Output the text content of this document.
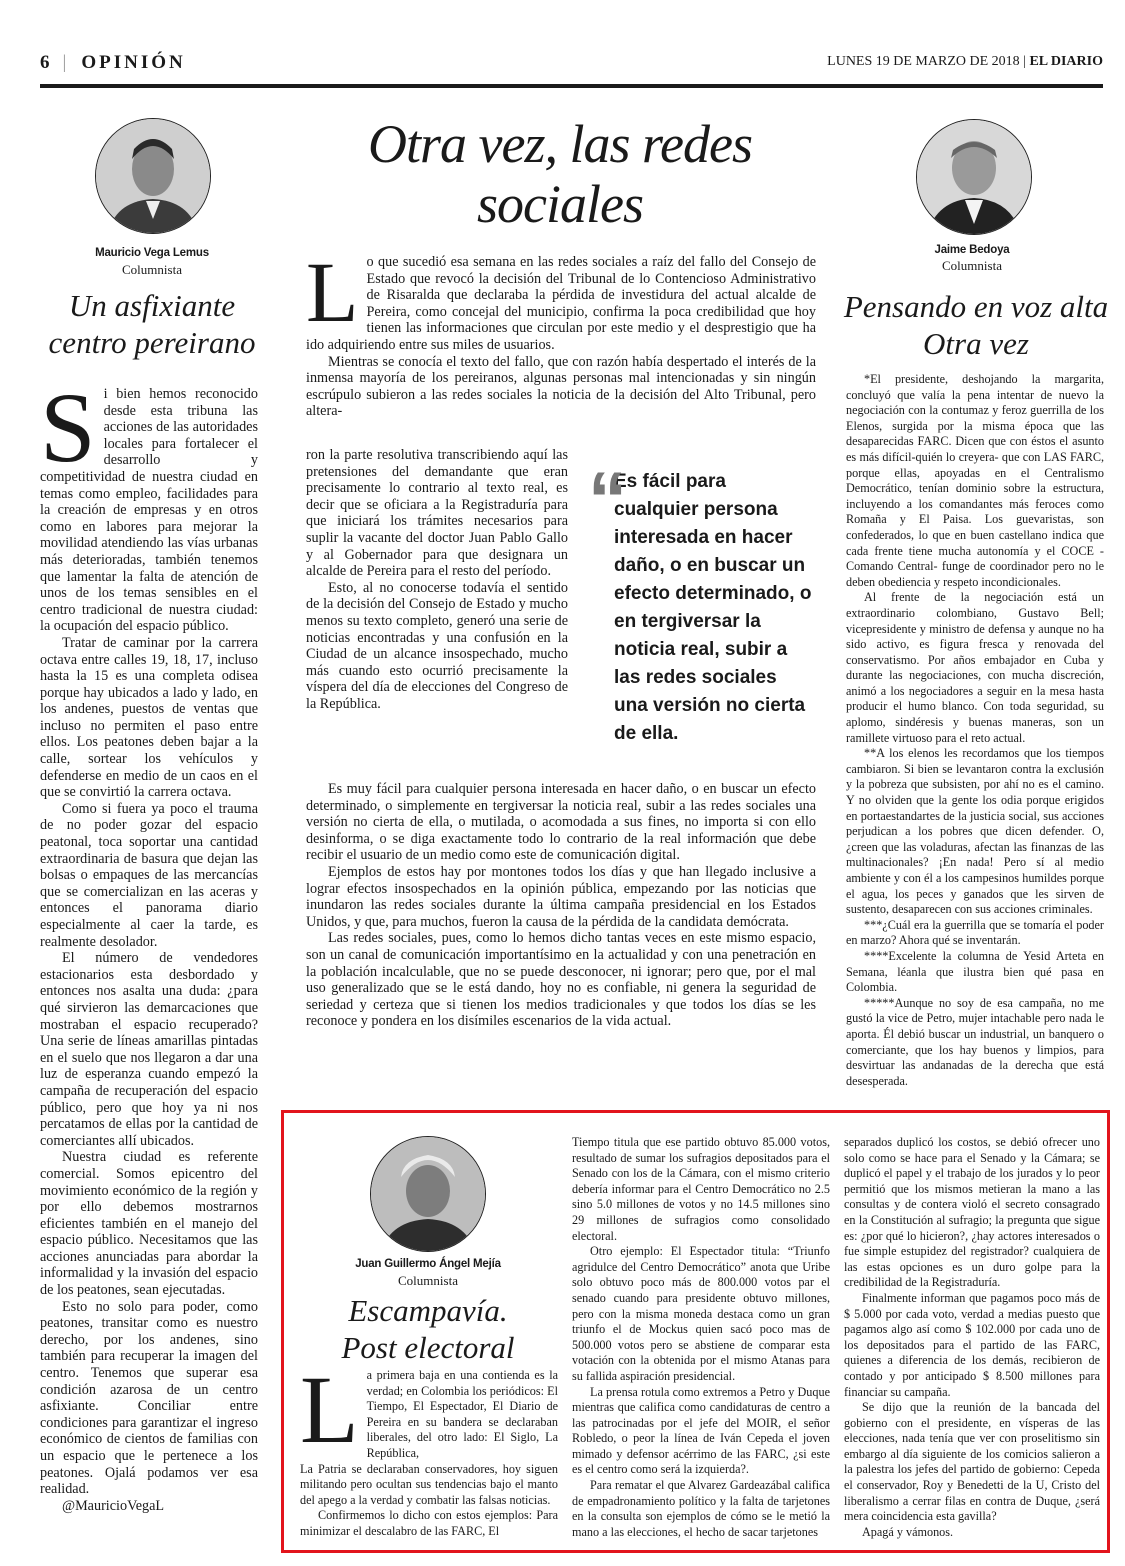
6 | OPINIÓN	LUNES 19 DE MARZO DE 2018 | EL DIARIO
Mauricio Vega Lemus
Columnista
Un asfixiante
centro pereirano

Si bien hemos reconocido desde esta tribuna las acciones de las autoridades locales para fortalecer el desarrollo y competitividad de nuestra ciudad en temas como empleo, facilidades para la creación de empresas y en otros como en labores para mejorar la movilidad atendiendo las vías urbanas más deterioradas, también tenemos que lamentar la falta de atención de unos de los temas sensibles en el centro tradicional de nuestra ciudad: la ocupación del espacio público.

Tratar de caminar por la carrera octava entre calles 19, 18, 17, incluso hasta la 15 es una completa odisea porque hay ubicados a lado y lado, en los andenes, puestos de ventas que incluso no permiten el paso entre ellos. Los peatones deben bajar a la calle, sortear los vehículos y defenderse en medio de un caos en el que se convirtió la carrera octava.

Como si fuera ya poco el trauma de no poder gozar del espacio peatonal, toca soportar una cantidad extraordinaria de basura que dejan las bolsas o empaques de las mercancías que se comercializan en las aceras y entonces el panorama diario especialmente al caer la tarde, es realmente desolador.

El número de vendedores estacionarios esta desbordado y entonces nos asalta una duda: ¿para qué sirvieron las demarcaciones que mostraban el espacio recuperado? Una serie de líneas amarillas pintadas en el suelo que nos llegaron a dar una luz de esperanza cuando empezó la campaña de recuperación del espacio público, pero que hoy ya ni nos percatamos de ellas por la cantidad de comerciantes allí ubicados.

Nuestra ciudad es referente comercial. Somos epicentro del movimiento económico de la región y por ello debemos mostrarnos eficientes también en el manejo del espacio público. Necesitamos que las acciones anunciadas para abordar la informalidad y la invasión del espacio de los peatones, sean ejecutadas.

Esto no solo para poder, como peatones, transitar como es nuestro derecho, por los andenes, sino también para recuperar la imagen del centro. Tenemos que superar esa condición azarosa de un centro asfixiante. Conciliar entre condiciones para garantizar el ingreso económico de cientos de familias con un espacio que le pertenece a los peatones. Ojalá podamos ver esa realidad.

@MauricioVegaL

Otra vez, las redes
sociales

Lo que sucedió esa semana en las redes sociales a raíz del fallo del Consejo de Estado que revocó la decisión del Tribunal de lo Contencioso Administrativo de Risaralda que declaraba la pérdida de investidura del actual alcalde de Pereira, como concejal del municipio, confirma la poca credibilidad que hoy tienen las informaciones que circulan por este medio y el desprestigio que ha ido adquiriendo entre sus miles de usuarios.

Mientras se conocía el texto del fallo, que con razón había despertado el interés de la inmensa mayoría de los pereiranos, algunas personas mal intencionadas y sin ningún escrúpulo subieron a las redes sociales la noticia de la decisión del Alto Tribunal, pero altera-

ron la parte resolutiva transcribiendo aquí las pretensiones del demandante que eran precisamente lo contrario al texto real, es decir que se oficiara a la Registraduría para que iniciará los trámites necesarios para suplir la vacante del doctor Juan Pablo Gallo y al Gobernador para que designara un alcalde de Pereira para el resto del período.

Esto, al no conocerse todavía el sentido de la decisión del Consejo de Estado y mucho menos su texto completo, generó una serie de noticias encontradas y una confusión en la Ciudad de un alcance insospechado, mucho más cuando esto ocurrió precisamente la víspera del día de elecciones del Congreso de la República.

“
Es fácil para cualquier persona interesada en hacer daño, o en buscar un efecto determinado, o en tergiversar la noticia real, subir a las redes sociales una versión no cierta de ella.

Es muy fácil para cualquier persona interesada en hacer daño, o en buscar un efecto determinado, o simplemente en tergiversar la noticia real, subir a las redes sociales una versión no cierta de ella, o mutilada, o acomodada a sus fines, no importa si con ello desinforma, o se diga exactamente todo lo contrario de la real información que debe recibir el usuario de un medio como este de comunicación digital.

Ejemplos de estos hay por montones todos los días y que han llegado inclusive a lograr efectos insospechados en la opinión pública, empezando por las noticias que inundaron las redes sociales durante la última campaña presidencial en los Estados Unidos, y que, para muchos, fueron la causa de la pérdida de la candidata demócrata.

Las redes sociales, pues, como lo hemos dicho tantas veces en este mismo espacio, son un canal de comunicación importantísimo en la actualidad y con una penetración en la población incalculable, que no se puede desconocer, ni ignorar; pero que, por el mal uso generalizado que se le está dando, hoy no es confiable, ni genera la seguridad de seriedad y certeza que si tienen los medios tradicionales y que todos los días se les reconoce y pondera en los disímiles escenarios de la vida actual.

Jaime Bedoya
Columnista
Pensando en voz alta
Otra vez

*El presidente, deshojando la margarita, concluyó que valía la pena intentar de nuevo la negociación con la contumaz y feroz guerrilla de los Elenos, surgida por la misma época que las desaparecidas FARC. Dicen que con éstos el asunto es más difícil-quién lo creyera- que con LAS FARC, porque ellas, apoyadas en el Centralismo Democrático, tenían dominio sobre la estructura, incluyendo a los comandantes más feroces como Romaña y El Paisa. Los guevaristas, son confederados, lo que en buen castellano indica que cada frente tiene mucha autonomía y el COCE -Comando Central- funge de coordinador pero no le deben obediencia y respeto incondicionales.

Al frente de la negociación está un extraordinario colombiano, Gustavo Bell; vicepresidente y ministro de defensa y aunque no ha sido activo, es figura fresca y renovada del conservatismo. Por años embajador en Cuba y durante las negociaciones, con mucha discreción, animó a los negociadores a seguir en la mesa hasta producir el humo blanco. Con toda seguridad, su aplomo, sindéresis y buenas maneras, son un ramillete virtuoso para el reto actual.

**A los elenos les recordamos que los tiempos cambiaron. Si bien se levantaron contra la exclusión y la pobreza que subsisten, por ahí no es el camino. Y no olviden que la gente los odia porque erigidos en portaestandartes de la justicia social, sus acciones perjudican a los pobres que dicen defender. O, ¿creen que las voladuras, afectan las finanzas de las multinacionales? ¡En nada! Pero sí al medio ambiente y con él a los campesinos humildes porque el agua, los peces y ganados que les sirven de sustento, desaparecen con sus acciones criminales.

***¿Cuál era la guerrilla que se tomaría el poder en marzo? Ahora qué se inventarán.

****Excelente la columna de Yesid Arteta en Semana, léanla que ilustra bien qué pasa en Colombia.

*****Aunque no soy de esa campaña, no me gustó la vice de Petro, mujer intachable pero nada le aporta. Él debió buscar un industrial, un banquero o comerciante, que los hay buenos y limpios, para desvirtuar las andanadas de la derecha que está desesperada.

Juan Guillermo Ángel Mejía
Columnista
Escampavía.
Post electoral

La primera baja en una contienda es la verdad; en Colombia los periódicos: El Tiempo, El Espectador, El Diario de Pereira en su bandera se declaraban liberales, del otro lado: El Siglo, La República,

La Patria se declaraban conservadores, hoy siguen militando pero ocultan sus tendencias bajo el manto del apego a la verdad y combatir las falsas noticias.

Confirmemos lo dicho con estos ejemplos: Para minimizar el descalabro de las FARC, El

Tiempo titula que ese partido obtuvo 85.000 votos, resultado de sumar los sufragios depositados para el Senado con los de la Cámara, con el mismo criterio debería informar para el Centro Democrático no 2.5 sino 5.0 millones de votos y no 14.5 millones sino 29 millones de sufragios como consolidado electoral.

Otro ejemplo: El Espectador titula: “Triunfo agridulce del Centro Democrático” anota que Uribe solo obtuvo poco más de 800.000 votos par el senado cuando para presidente obtuvo millones, pero con la misma moneda destaca como un gran triunfo el de Mockus quien sacó poco mas de 500.000 votos pero se abstiene de comparar esta votación con la obtenida por el mismo Atanas para su fallida aspiración presidencial.

La prensa rotula como extremos a Petro y Duque mientras que califica como candidaturas de centro a las patrocinadas por el jefe del MOIR, el señor Robledo, o peor la línea de Iván Cepeda el joven mimado y defensor acérrimo de las FARC, ¿si este es el centro como será la izquierda?.

Para rematar el que Alvarez Gardeazábal califica de empadronamiento político y la falta de tarjetones en la consulta son ejemplos de cómo se le metió la mano a las elecciones, el hecho de sacar tarjetones

separados duplicó los costos, se debió ofrecer uno solo como se hace para el Senado y la Cámara; se duplicó el papel y el trabajo de los jurados y lo peor permitió que los mismos metieran la mano a las consultas y de contera violó el secreto consagrado en la Constitución al sufragio; la pregunta que sigue es: ¿por qué lo hicieron?, ¿hay actores interesados o fue simple estupidez del registrador? cualquiera de las estas opciones es un duro golpe para la credibilidad de la Registraduría.

Finalmente informan que pagamos poco más de $ 5.000 por cada voto, verdad a medias puesto que pagamos algo así como $ 102.000 por cada uno de los depositados para el partido de las FARC, quienes a diferencia de los demás, recibieron de contado y por anticipado $ 8.500 millones para financiar su campaña.

Se dijo que la reunión de la bancada del gobierno con el presidente, en vísperas de las elecciones, nada tenía que ver con proselitismo sin embargo al día siguiente de los comicios salieron a la palestra los jefes del partido de gobierno: Cepeda el conservador, Roy y Benedetti de la U, Cristo del liberalismo a cerrar filas en contra de Duque, ¿será mera coincidencia esta gavilla?

Apagá y vámonos.
